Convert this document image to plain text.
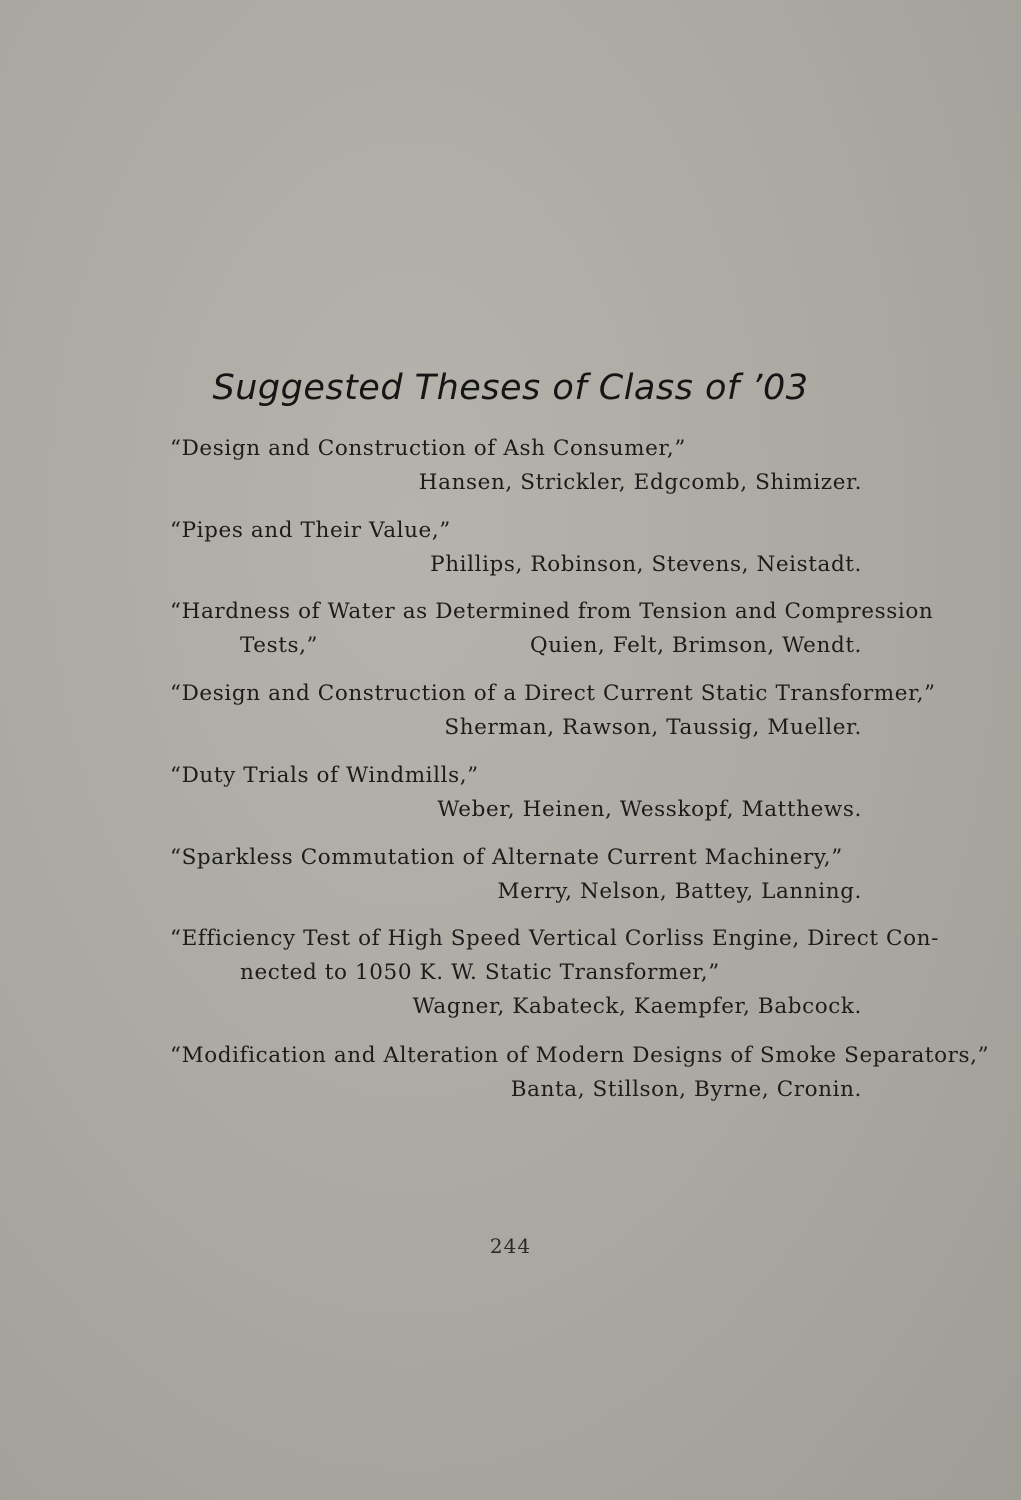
Suggested Theses of Class of ’03
“Design and Construction of Ash Consumer,”
Hansen, Strickler, Edgcomb, Shimizer.
“Pipes and Their Value,”
Phillips, Robinson, Stevens, Neistadt.
“Hardness of Water as Determined from Tension and Compression
Tests,”	Quien, Felt, Brimson, Wendt.
“Design and Construction of a Direct Current Static Transformer,”
Sherman, Rawson, Taussig, Mueller.
“Duty Trials of Windmills,”
Weber, Heinen, Wesskopf, Matthews.
“Sparkless Commutation of Alternate Current Machinery,”
Merry, Nelson, Battey, Lanning.
“Efficiency Test of High Speed Vertical Corliss Engine, Direct Con-
nected to 1050 K. W. Static Transformer,”
Wagner, Kabateck, Kaempfer, Babcock.
“Modification and Alteration of Modern Designs of Smoke Separators,”
Banta, Stillson, Byrne, Cronin.
244
